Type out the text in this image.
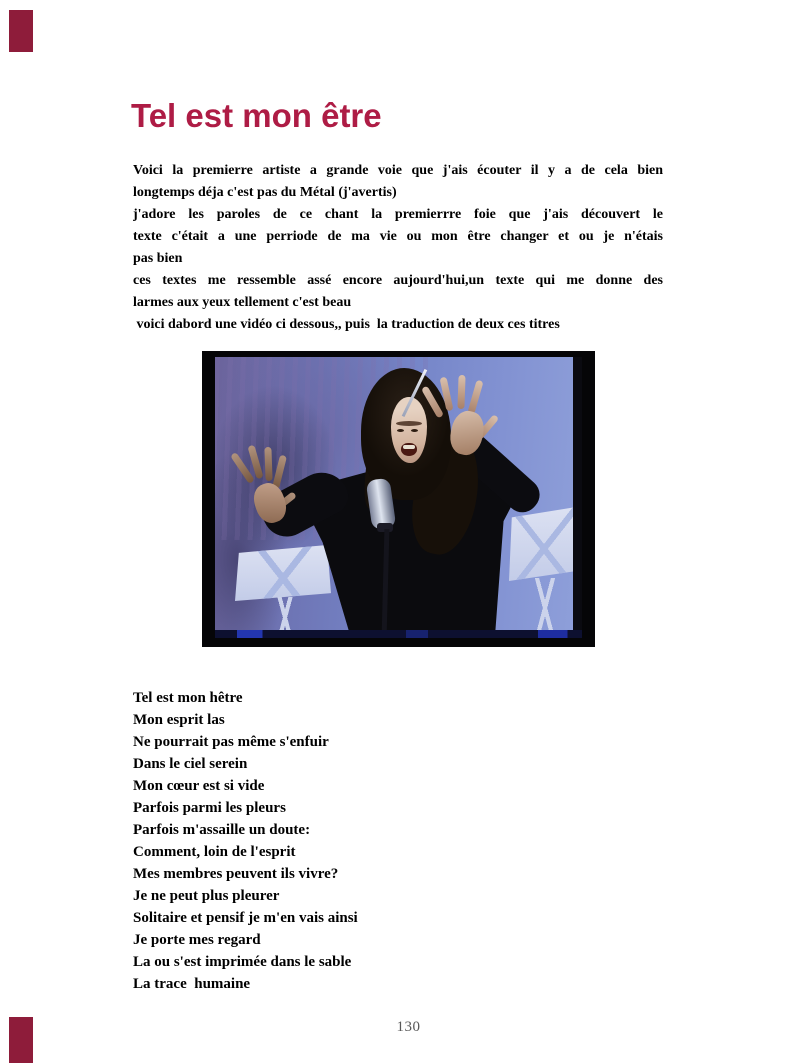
Tel est mon être
Voici la premierre artiste a grande voie que j'ais écouter il y a de cela bien
longtemps déja c'est pas du Métal (j'avertis)
j'adore les paroles de ce chant la premierrre foie que j'ais découvert le
texte c'était a une perriode de ma vie ou mon être changer et ou je n'étais
pas bien
ces textes me ressemble assé encore aujourd'hui,un texte qui me donne des
larmes aux yeux tellement c'est beau
voici dabord une vidéo ci dessous,, puis  la traduction de deux ces titres
Tel est mon hêtre
Mon esprit las
Ne pourrait pas même s'enfuir
Dans le ciel serein
Mon cœur est si vide
Parfois parmi les pleurs
Parfois m'assaille un doute:
Comment, loin de l'esprit
Mes membres peuvent ils vivre?
Je ne peut plus pleurer
Solitaire et pensif je m'en vais ainsi
Je porte mes regard
La ou s'est imprimée dans le sable
La trace  humaine
130
